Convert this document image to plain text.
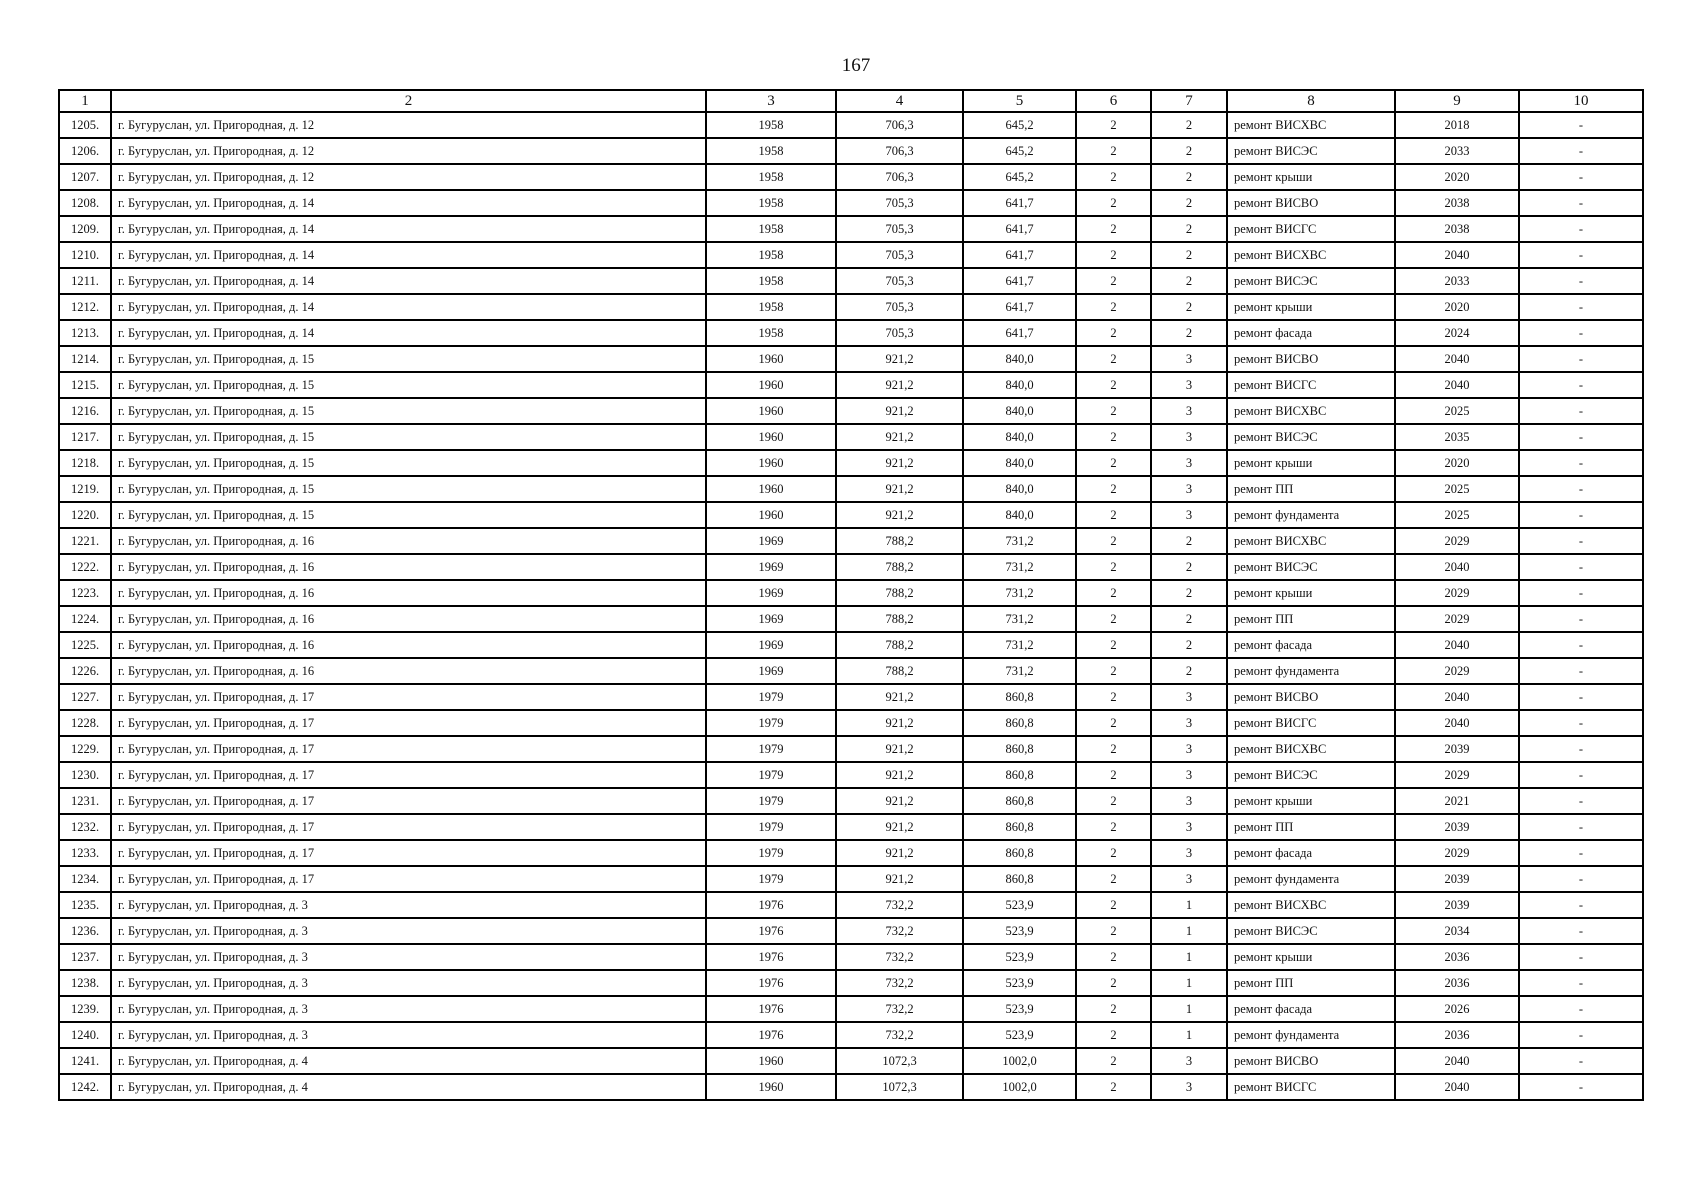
167
1	2	3	4	5	6	7	8	9	10
1205.	г. Бугуруслан, ул. Пригородная, д. 12	1958	706,3	645,2	2	2	ремонт ВИСХВС	2018	-
1206.	г. Бугуруслан, ул. Пригородная, д. 12	1958	706,3	645,2	2	2	ремонт ВИСЭС	2033	-
1207.	г. Бугуруслан, ул. Пригородная, д. 12	1958	706,3	645,2	2	2	ремонт крыши	2020	-
1208.	г. Бугуруслан, ул. Пригородная, д. 14	1958	705,3	641,7	2	2	ремонт ВИСВО	2038	-
1209.	г. Бугуруслан, ул. Пригородная, д. 14	1958	705,3	641,7	2	2	ремонт ВИСГС	2038	-
1210.	г. Бугуруслан, ул. Пригородная, д. 14	1958	705,3	641,7	2	2	ремонт ВИСХВС	2040	-
1211.	г. Бугуруслан, ул. Пригородная, д. 14	1958	705,3	641,7	2	2	ремонт ВИСЭС	2033	-
1212.	г. Бугуруслан, ул. Пригородная, д. 14	1958	705,3	641,7	2	2	ремонт крыши	2020	-
1213.	г. Бугуруслан, ул. Пригородная, д. 14	1958	705,3	641,7	2	2	ремонт фасада	2024	-
1214.	г. Бугуруслан, ул. Пригородная, д. 15	1960	921,2	840,0	2	3	ремонт ВИСВО	2040	-
1215.	г. Бугуруслан, ул. Пригородная, д. 15	1960	921,2	840,0	2	3	ремонт ВИСГС	2040	-
1216.	г. Бугуруслан, ул. Пригородная, д. 15	1960	921,2	840,0	2	3	ремонт ВИСХВС	2025	-
1217.	г. Бугуруслан, ул. Пригородная, д. 15	1960	921,2	840,0	2	3	ремонт ВИСЭС	2035	-
1218.	г. Бугуруслан, ул. Пригородная, д. 15	1960	921,2	840,0	2	3	ремонт крыши	2020	-
1219.	г. Бугуруслан, ул. Пригородная, д. 15	1960	921,2	840,0	2	3	ремонт ПП	2025	-
1220.	г. Бугуруслан, ул. Пригородная, д. 15	1960	921,2	840,0	2	3	ремонт фундамента	2025	-
1221.	г. Бугуруслан, ул. Пригородная, д. 16	1969	788,2	731,2	2	2	ремонт ВИСХВС	2029	-
1222.	г. Бугуруслан, ул. Пригородная, д. 16	1969	788,2	731,2	2	2	ремонт ВИСЭС	2040	-
1223.	г. Бугуруслан, ул. Пригородная, д. 16	1969	788,2	731,2	2	2	ремонт крыши	2029	-
1224.	г. Бугуруслан, ул. Пригородная, д. 16	1969	788,2	731,2	2	2	ремонт ПП	2029	-
1225.	г. Бугуруслан, ул. Пригородная, д. 16	1969	788,2	731,2	2	2	ремонт фасада	2040	-
1226.	г. Бугуруслан, ул. Пригородная, д. 16	1969	788,2	731,2	2	2	ремонт фундамента	2029	-
1227.	г. Бугуруслан, ул. Пригородная, д. 17	1979	921,2	860,8	2	3	ремонт ВИСВО	2040	-
1228.	г. Бугуруслан, ул. Пригородная, д. 17	1979	921,2	860,8	2	3	ремонт ВИСГС	2040	-
1229.	г. Бугуруслан, ул. Пригородная, д. 17	1979	921,2	860,8	2	3	ремонт ВИСХВС	2039	-
1230.	г. Бугуруслан, ул. Пригородная, д. 17	1979	921,2	860,8	2	3	ремонт ВИСЭС	2029	-
1231.	г. Бугуруслан, ул. Пригородная, д. 17	1979	921,2	860,8	2	3	ремонт крыши	2021	-
1232.	г. Бугуруслан, ул. Пригородная, д. 17	1979	921,2	860,8	2	3	ремонт ПП	2039	-
1233.	г. Бугуруслан, ул. Пригородная, д. 17	1979	921,2	860,8	2	3	ремонт фасада	2029	-
1234.	г. Бугуруслан, ул. Пригородная, д. 17	1979	921,2	860,8	2	3	ремонт фундамента	2039	-
1235.	г. Бугуруслан, ул. Пригородная, д. 3	1976	732,2	523,9	2	1	ремонт ВИСХВС	2039	-
1236.	г. Бугуруслан, ул. Пригородная, д. 3	1976	732,2	523,9	2	1	ремонт ВИСЭС	2034	-
1237.	г. Бугуруслан, ул. Пригородная, д. 3	1976	732,2	523,9	2	1	ремонт крыши	2036	-
1238.	г. Бугуруслан, ул. Пригородная, д. 3	1976	732,2	523,9	2	1	ремонт ПП	2036	-
1239.	г. Бугуруслан, ул. Пригородная, д. 3	1976	732,2	523,9	2	1	ремонт фасада	2026	-
1240.	г. Бугуруслан, ул. Пригородная, д. 3	1976	732,2	523,9	2	1	ремонт фундамента	2036	-
1241.	г. Бугуруслан, ул. Пригородная, д. 4	1960	1072,3	1002,0	2	3	ремонт ВИСВО	2040	-
1242.	г. Бугуруслан, ул. Пригородная, д. 4	1960	1072,3	1002,0	2	3	ремонт ВИСГС	2040	-
